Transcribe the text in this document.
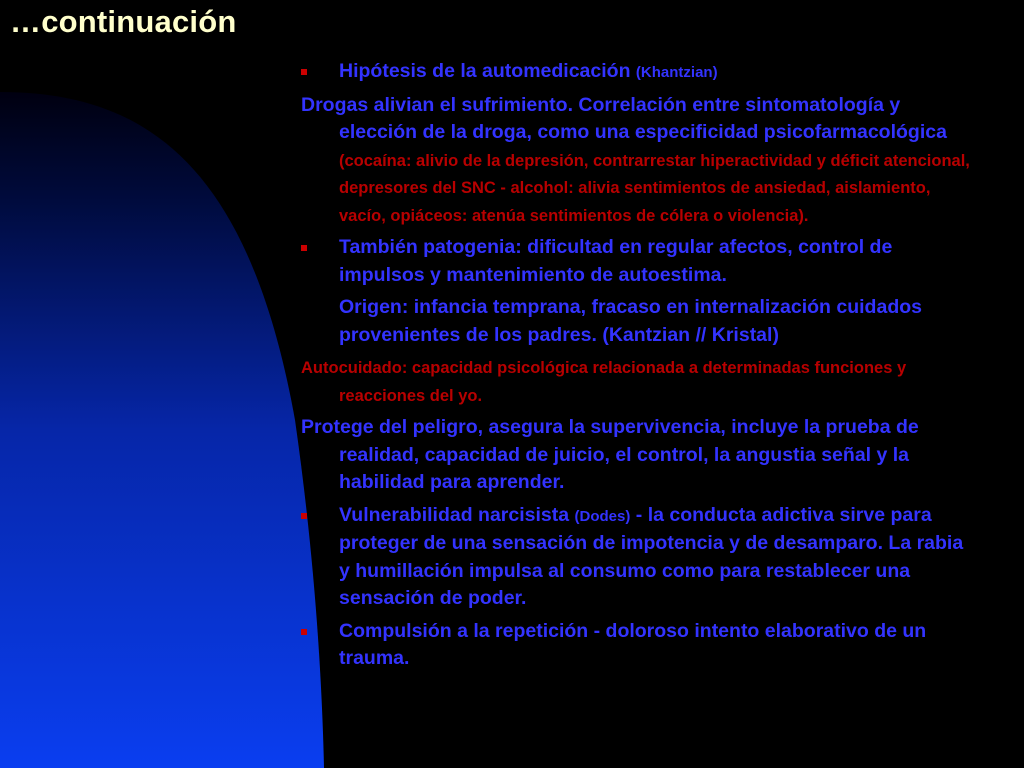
…continuación
Hipótesis de la automedicación (Khantzian)
Drogas alivian el sufrimiento. Correlación entre sintomatología y elección de la droga, como una especificidad psicofarmacológica (cocaína: alivio de la depresión, contrarrestar hiperactividad y déficit atencional, depresores del SNC - alcohol: alivia sentimientos de ansiedad, aislamiento, vacío, opiáceos: atenúa sentimientos de cólera o violencia).
También patogenia: dificultad en regular afectos, control de impulsos y mantenimiento de autoestima.
Origen: infancia temprana, fracaso en internalización cuidados provenientes de los padres. (Kantzian // Kristal)
Autocuidado: capacidad psicológica relacionada a determinadas funciones y reacciones del yo.
Protege del peligro, asegura la supervivencia, incluye la prueba de realidad, capacidad de juicio, el control, la angustia señal y la habilidad para aprender.
Vulnerabilidad narcisista (Dodes) - la conducta adictiva sirve para proteger de una sensación de impotencia y de desamparo. La rabia y humillación impulsa al consumo como para restablecer una sensación de poder.
Compulsión a la repetición - doloroso intento elaborativo de un trauma.
